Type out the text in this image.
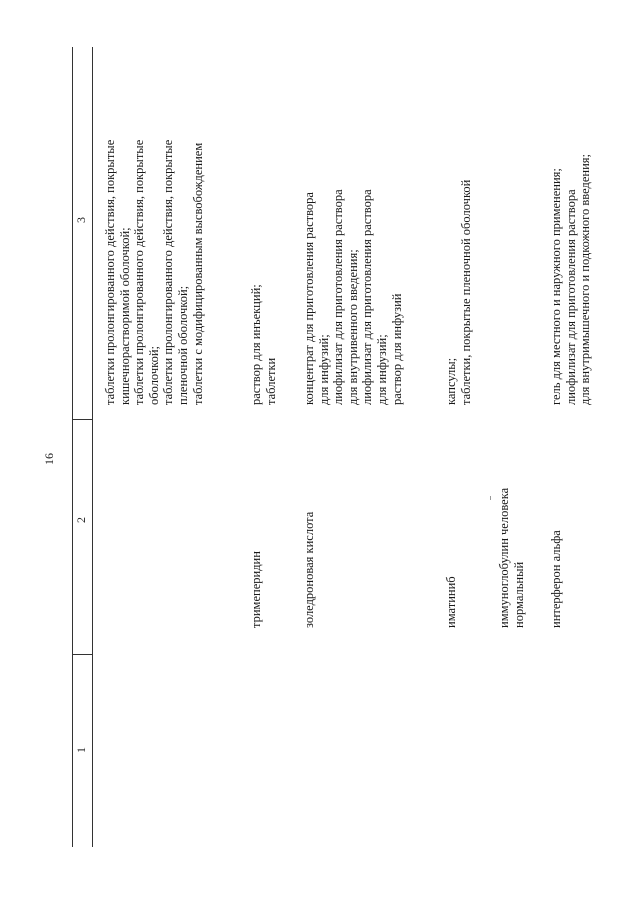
16
1
2
3 таблетки пролонгированного действия, покрытые кишечнорастворимой оболочкой; таблетки пролонгированного действия, покрытые оболочкой; таблетки пролонгированного действия, покрытые пленочной оболочкой; таблетки с модифицированным высвобождением
тримеперидин
раствор для инъекций; таблетки
золедроновая кислота
концентрат для приготовления раствора для инфузий; лиофилизат для приготовления раствора для внутривенного введения; лиофилизат для приготовления раствора для инфузий; раствор для инфузий
иматиниб
капсулы; таблетки, покрытые пленочной оболочкой
иммуноглобулин человека нормальный интерферон альфа
гель для местного и наружного применения; лиофилизат для приготовления раствора для внутримышечного и подкожного введения;
